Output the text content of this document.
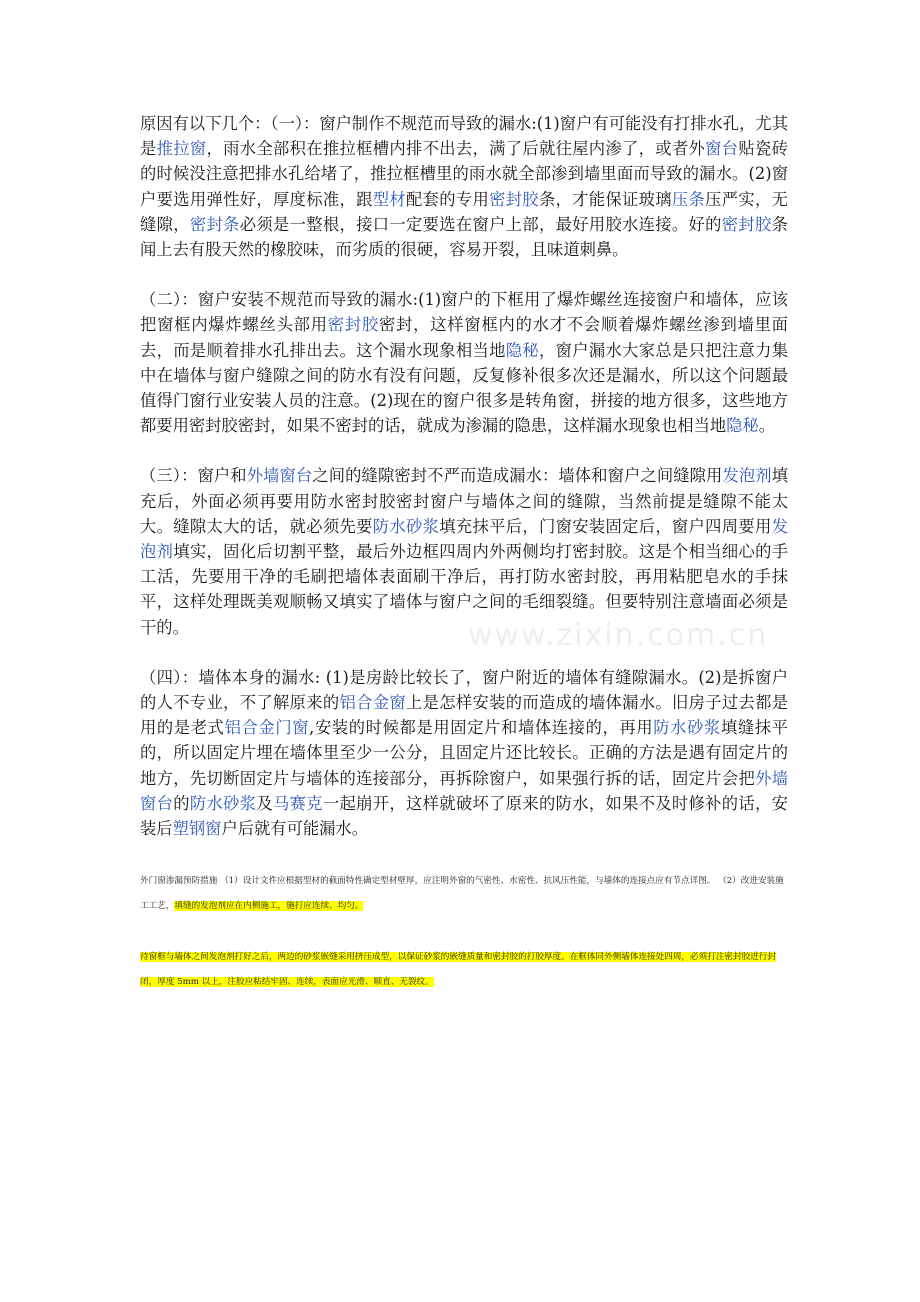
www.zixin.com.cn

原因有以下几个：（一）：窗户制作不规范而导致的漏水:(1)窗户有可能没有打排水孔，尤其是推拉窗，雨水全部积在推拉框槽内排不出去，满了后就往屋内渗了，或者外窗台贴瓷砖的时候没注意把排水孔给堵了，推拉框槽里的雨水就全部渗到墙里面而导致的漏水。(2)窗户要选用弹性好，厚度标准，跟型材配套的专用密封胶条，才能保证玻璃压条压严实，无缝隙，密封条必须是一整根，接口一定要选在窗户上部，最好用胶水连接。好的密封胶条闻上去有股天然的橡胶味，而劣质的很硬，容易开裂，且味道刺鼻。

（二）：窗户安装不规范而导致的漏水:(1)窗户的下框用了爆炸螺丝连接窗户和墙体，应该把窗框内爆炸螺丝头部用密封胶密封，这样窗框内的水才不会顺着爆炸螺丝渗到墙里面去，而是顺着排水孔排出去。这个漏水现象相当地隐秘，窗户漏水大家总是只把注意力集中在墙体与窗户缝隙之间的防水有没有问题，反复修补很多次还是漏水，所以这个问题最值得门窗行业安装人员的注意。(2)现在的窗户很多是转角窗，拼接的地方很多，这些地方都要用密封胶密封，如果不密封的话，就成为渗漏的隐患，这样漏水现象也相当地隐秘。

（三）：窗户和外墙窗台之间的缝隙密封不严而造成漏水：墙体和窗户之间缝隙用发泡剂填充后，外面必须再要用防水密封胶密封窗户与墙体之间的缝隙，当然前提是缝隙不能太大。缝隙太大的话，就必须先要防水砂浆填充抹平后，门窗安装固定后，窗户四周要用发泡剂填实，固化后切割平整，最后外边框四周内外两侧均打密封胶。这是个相当细心的手工活，先要用干净的毛刷把墙体表面刷干净后，再打防水密封胶，再用粘肥皂水的手抹平，这样处理既美观顺畅又填实了墙体与窗户之间的毛细裂缝。但要特别注意墙面必须是干的。

（四）：墙体本身的漏水: (1)是房龄比较长了，窗户附近的墙体有缝隙漏水。(2)是拆窗户的人不专业，不了解原来的铝合金窗上是怎样安装的而造成的墙体漏水。旧房子过去都是用的是老式铝合金门窗,安装的时候都是用固定片和墙体连接的，再用防水砂浆填缝抹平的，所以固定片埋在墙体里至少一公分，且固定片还比较长。正确的方法是遇有固定片的地方，先切断固定片与墙体的连接部分，再拆除窗户，如果强行拆的话，固定片会把外墙窗台的防水砂浆及马赛克一起崩开，这样就破坏了原来的防水，如果不及时修补的话，安装后塑钢窗户后就有可能漏水。

外门窗渗漏预防措施 （1）设计文件应根据型材的截面特性确定型材壁厚，应注明外窗的气密性、水密性、抗风压性能，与墙体的连接点应有节点详图。 （2）改进安装施工工艺，填缝的发泡剂应在内侧施工，施打应连续、均匀。

待窗框与墙体之间发泡剂打好之后，两边的砂浆嵌缝采用挤压成型，以保证砂浆的嵌缝质量和密封胶的打胶厚度。在框体同外侧墙体连接处四周，必须打注密封胶进行封闭，厚度 5mm 以上，注胶应粘结牢固、连续，表面应光滑、顺直、无裂纹。
